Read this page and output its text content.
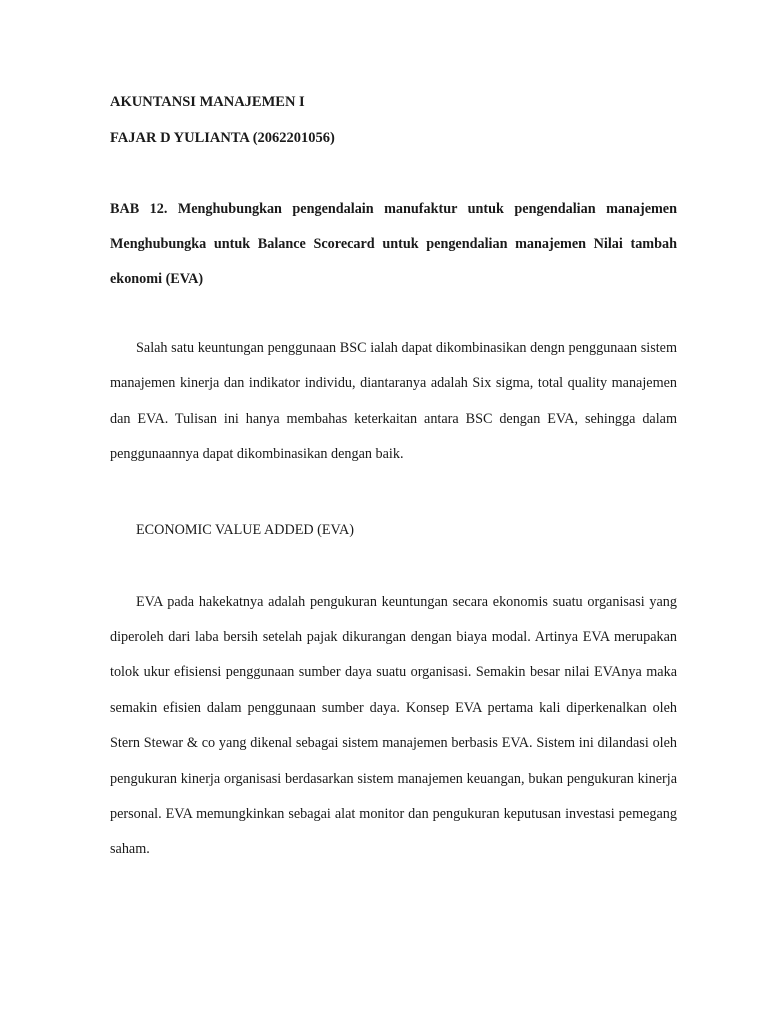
AKUNTANSI MANAJEMEN I

FAJAR D YULIANTA (2062201056)

BAB 12. Menghubungkan pengendalain manufaktur untuk pengendalian manajemen Menghubungka untuk Balance Scorecard untuk pengendalian manajemen Nilai tambah ekonomi (EVA)

Salah satu keuntungan penggunaan BSC ialah dapat dikombinasikan dengn penggunaan sistem manajemen kinerja dan indikator individu, diantaranya adalah Six sigma, total quality manajemen dan EVA. Tulisan ini hanya membahas keterkaitan antara BSC dengan EVA, sehingga dalam penggunaannya dapat dikombinasikan dengan baik.

ECONOMIC VALUE ADDED (EVA)

EVA pada hakekatnya adalah pengukuran keuntungan secara ekonomis suatu organisasi yang diperoleh dari laba bersih setelah pajak dikurangan dengan biaya modal. Artinya EVA merupakan tolok ukur efisiensi penggunaan sumber daya suatu organisasi. Semakin besar nilai EVAnya maka semakin efisien dalam penggunaan sumber daya. Konsep EVA pertama kali diperkenalkan oleh Stern Stewar & co yang dikenal sebagai sistem manajemen berbasis EVA. Sistem ini dilandasi oleh pengukuran kinerja organisasi berdasarkan sistem manajemen keuangan, bukan pengukuran kinerja personal. EVA memungkinkan sebagai alat monitor dan pengukuran keputusan investasi pemegang saham.
